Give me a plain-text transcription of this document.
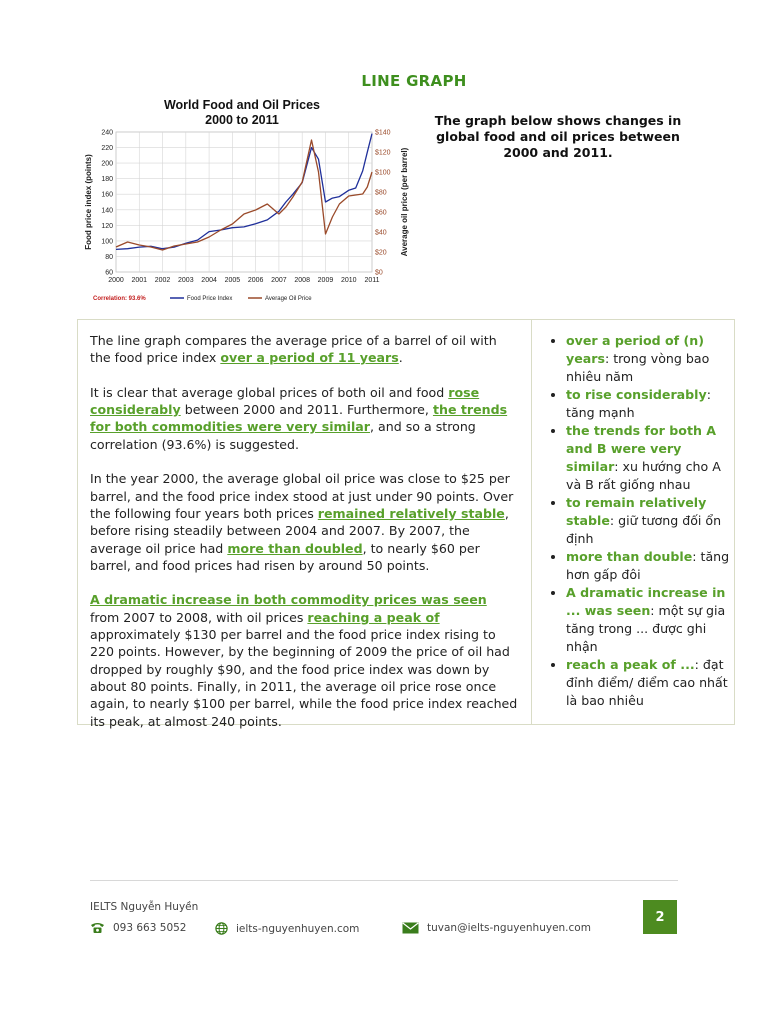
LINE GRAPH
World Food and Oil Prices
2000 to 2011
60
80
100
120
140
160
180
200
220
240
$0
$20
$40
$60
$80
$100
$120
$140
2000 2001 2002 2003 2004 2005 2006 2007 2008 2009 2010 2011
Food price index (points)	Average oil price (per barrel)
Correlation: 93.6%	Food Price Index	Average Oil Price
The graph below shows changes in global food and oil prices between 2000 and 2011.

The line graph compares the average price of a barrel of oil with the food price index over a period of 11 years.

It is clear that average global prices of both oil and food rose considerably between 2000 and 2011. Furthermore, the trends for both commodities were very similar, and so a strong correlation (93.6%) is suggested.

In the year 2000, the average global oil price was close to $25 per barrel, and the food price index stood at just under 90 points. Over the following four years both prices remained relatively stable, before rising steadily between 2004 and 2007. By 2007, the average oil price had more than doubled, to nearly $60 per barrel, and food prices had risen by around 50 points.

A dramatic increase in both commodity prices was seen from 2007 to 2008, with oil prices reaching a peak of approximately $130 per barrel and the food price index rising to 220 points. However, by the beginning of 2009 the price of oil had dropped by roughly $90, and the food price index was down by about 80 points. Finally, in 2011, the average oil price rose once again, to nearly $100 per barrel, while the food price index reached its peak, at almost 240 points.

• over a period of (n) years: trong vòng bao nhiêu năm
• to rise considerably: tăng mạnh
• the trends for both A and B were very similar: xu hướng cho A và B rất giống nhau
• to remain relatively stable: giữ tương đối ổn định
• more than double: tăng hơn gấp đôi
• A dramatic increase in ... was seen: một sự gia tăng trong ... được ghi nhận
• reach a peak of ...: đạt đỉnh điểm/ điểm cao nhất là bao nhiêu
IELTS Nguyễn Huyền
093 663 5052	ielts-nguyenhuyen.com	tuvan@ielts-nguyenhuyen.com
2
